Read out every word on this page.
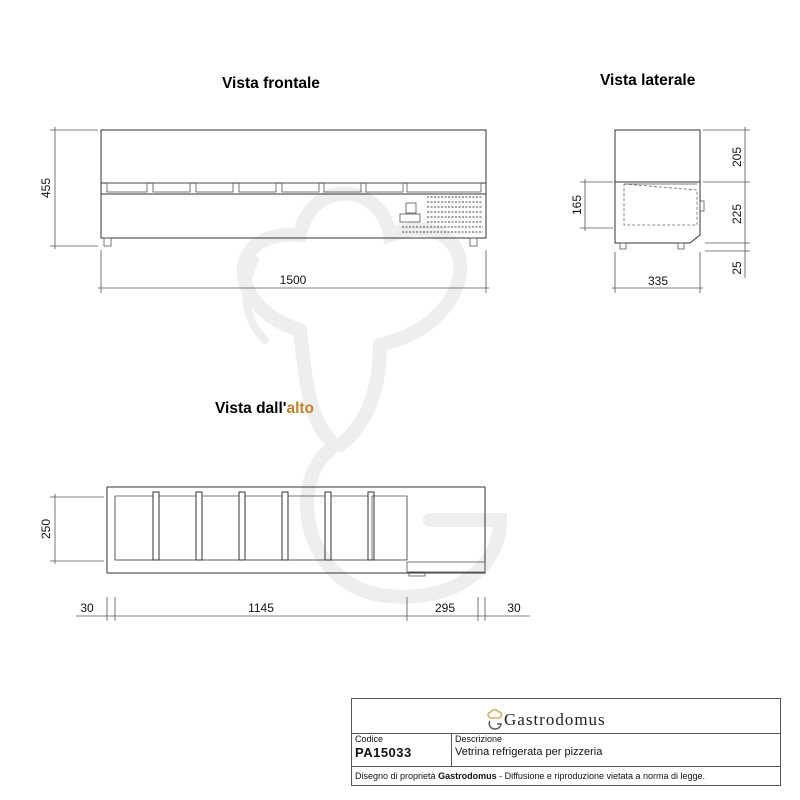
Vista frontale
455
1500
Vista laterale
165
205
225
25
335
Vista dall'alto
250
30	1145	295	30
Gastrodomus
Codice
PA15033
Descrizione
Vetrina refrigerata per pizzeria
Disegno di proprietà Gastrodomus - Diffusione e riproduzione vietata a norma di legge.
